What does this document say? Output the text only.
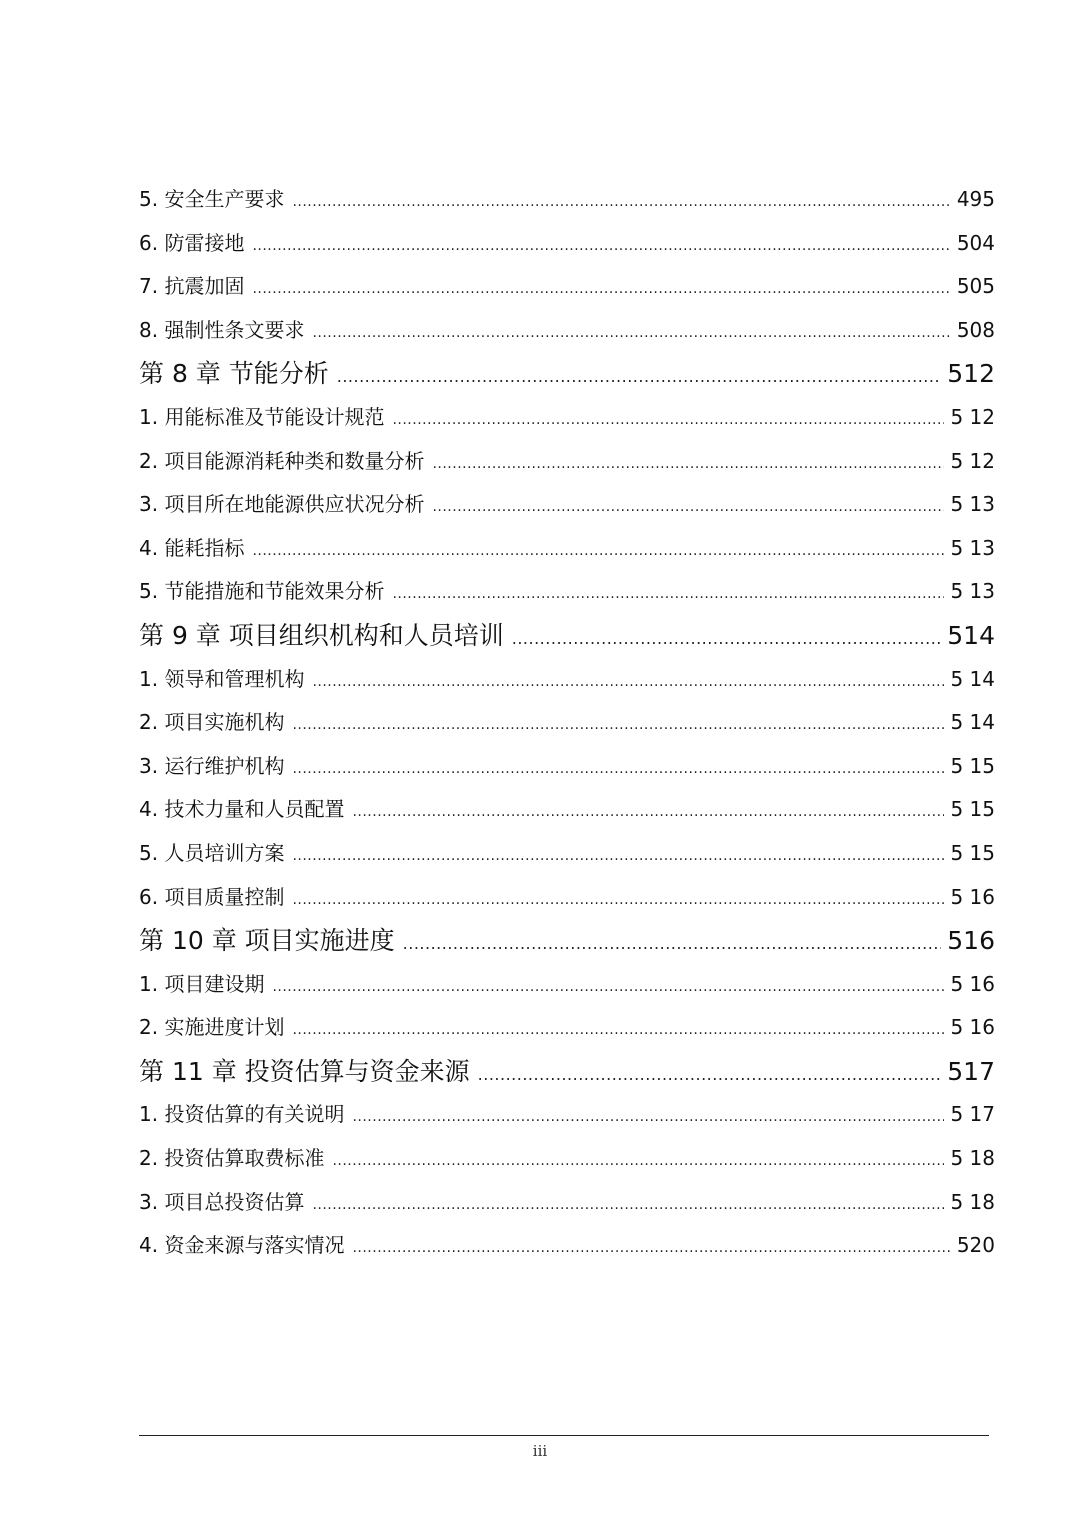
5. 安全生产要求 .....	495
6. 防雷接地 .....	504
7. 抗震加固 .....	505
8. 强制性条文要求 .....	508
第 8 章 节能分析 .....	512
1. 用能标准及节能设计规范 .....	5 12
2. 项目能源消耗种类和数量分析 .....	5 12
3. 项目所在地能源供应状况分析 .....	5 13
4. 能耗指标 .....	5 13
5. 节能措施和节能效果分析 .....	5 13
第 9 章 项目组织机构和人员培训 .....	514
1. 领导和管理机构 .....	5 14
2. 项目实施机构 .....	5 14
3. 运行维护机构 .....	5 15
4. 技术力量和人员配置 .....	5 15
5. 人员培训方案 .....	5 15
6. 项目质量控制 .....	5 16
第 10 章 项目实施进度 .....	516
1. 项目建设期 .....	5 16
2. 实施进度计划 .....	5 16
第 11 章 投资估算与资金来源 .....	517
1. 投资估算的有关说明 .....	5 17
2. 投资估算取费标准 .....	5 18
3. 项目总投资估算 .....	5 18
4. 资金来源与落实情况 .....	520
iii
